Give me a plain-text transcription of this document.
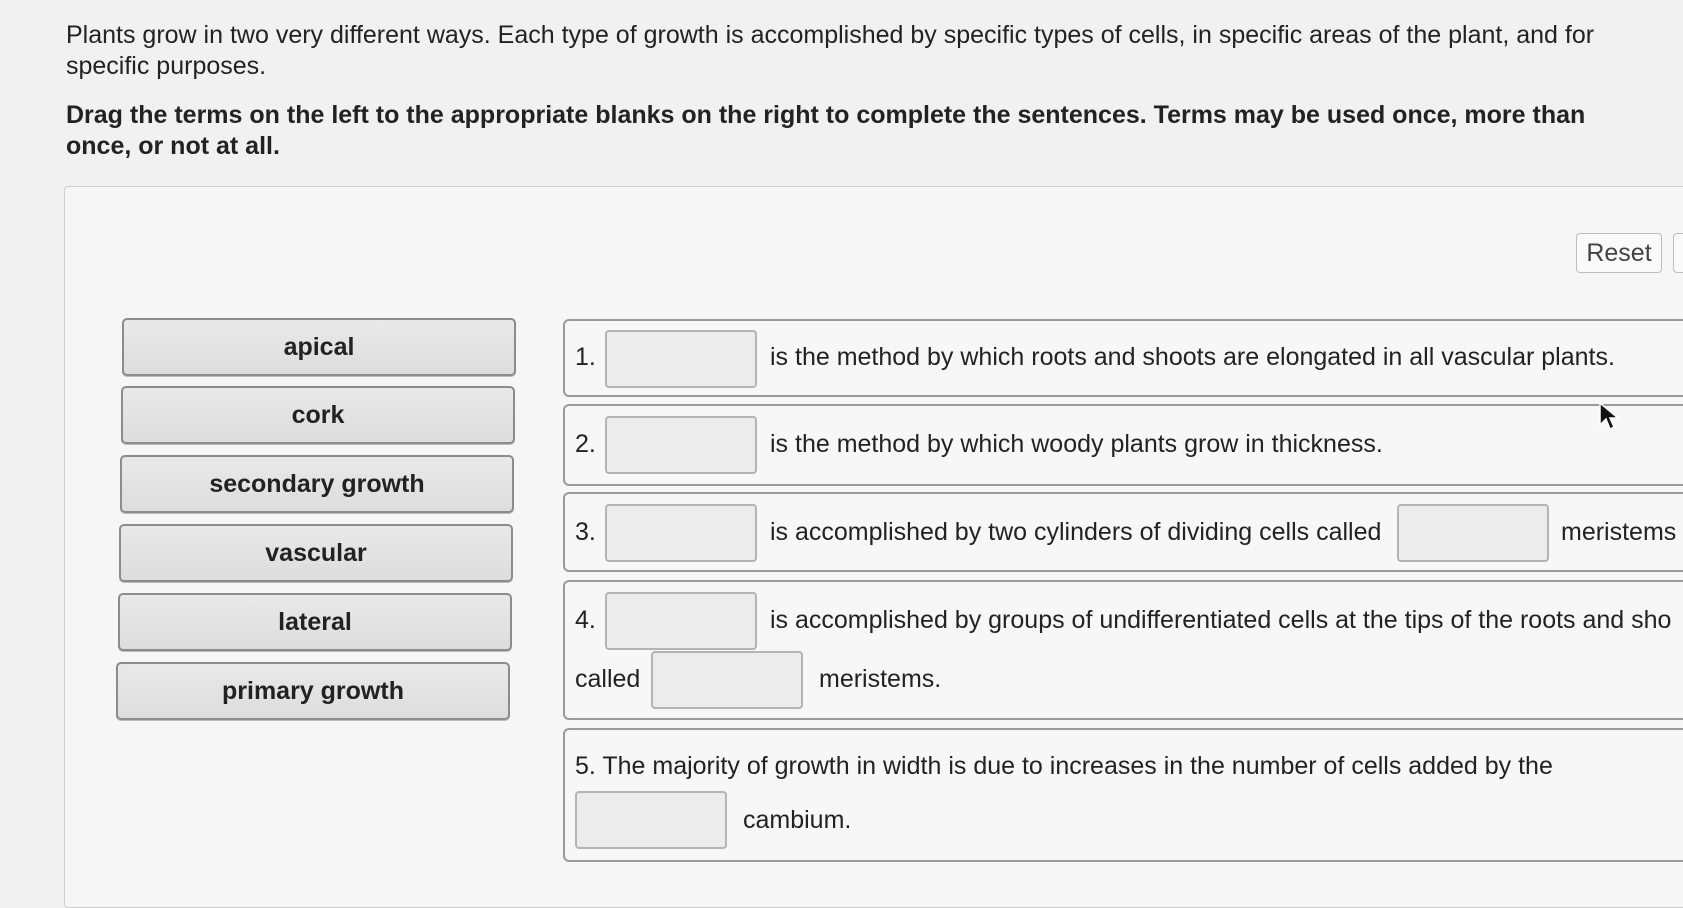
Plants grow in two very different ways. Each type of growth is accomplished by specific types of cells, in specific areas of the plant, and for specific purposes.
Drag the terms on the left to the appropriate blanks on the right to complete the sentences. Terms may be used once, more than once, or not at all.
Reset
apical
cork
secondary growth
vascular
lateral
primary growth
1.	is the method by which roots and shoots are elongated in all vascular plants.
2.	is the method by which woody plants grow in thickness.
3.	is accomplished by two cylinders of dividing cells called	meristems
4.	is accomplished by groups of undifferentiated cells at the tips of the roots and sho
called	meristems.
5. The majority of growth in width is due to increases in the number of cells added by the
cambium.
